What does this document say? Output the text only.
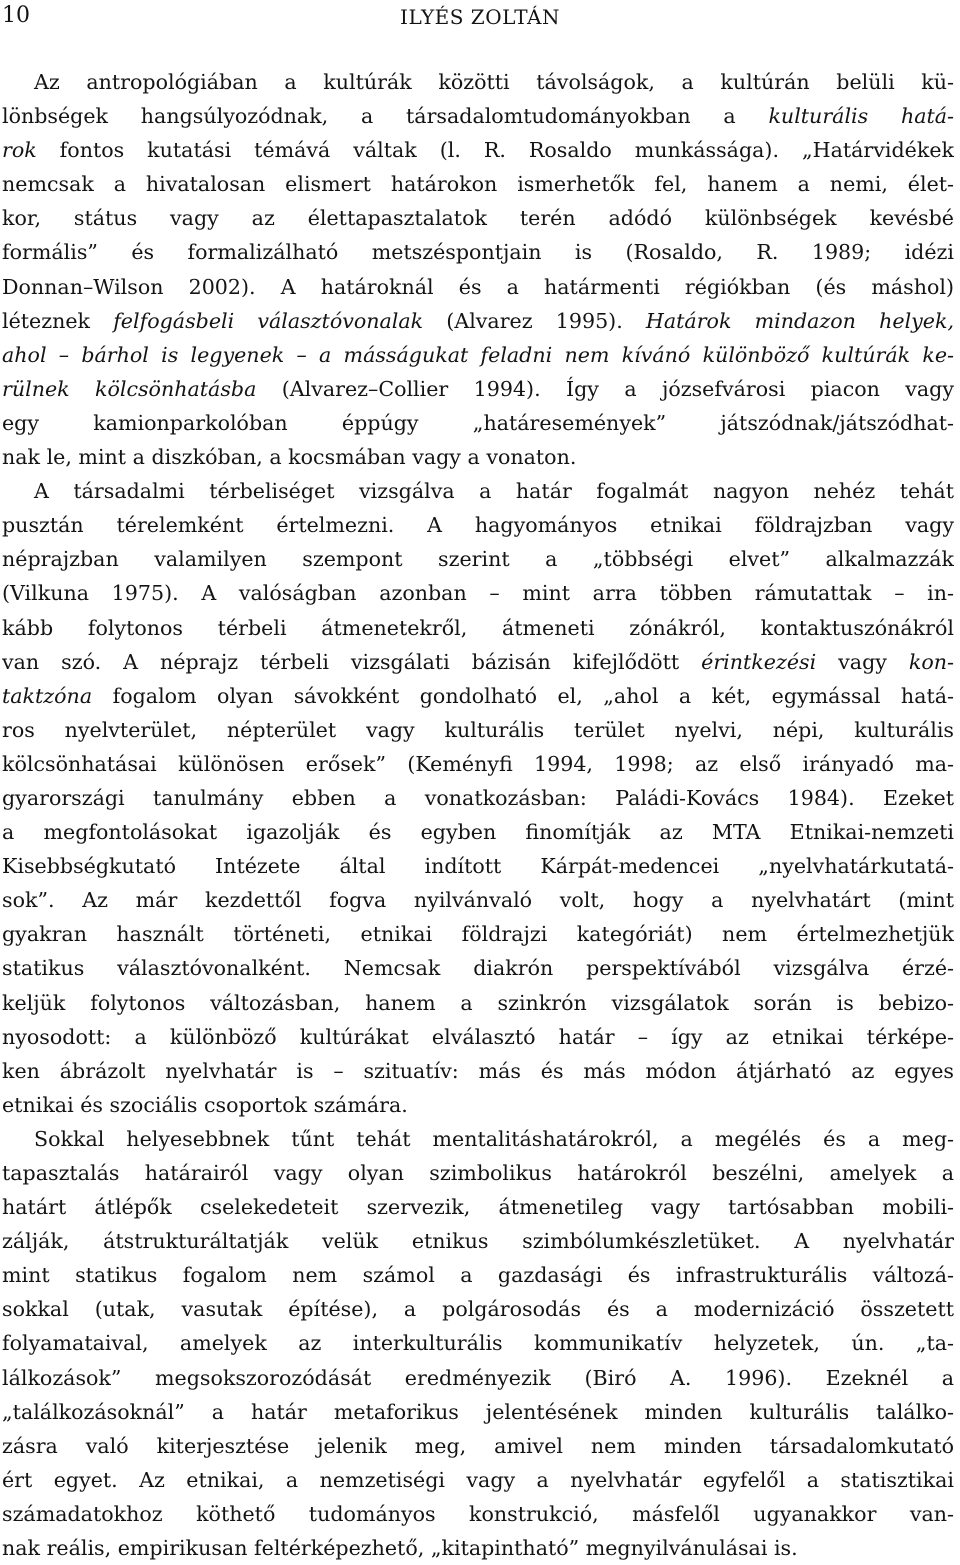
10	ILYÉS ZOLTÁN
Az antropológiában a kultúrák közötti távolságok, a kultúrán belüli kü-
lönbségek hangsúlyozódnak, a társadalomtudományokban a kulturális hatá-
rok fontos kutatási témává váltak (l. R. Rosaldo munkássága). „Határvidékek
nemcsak a hivatalosan elismert határokon ismerhetők fel, hanem a nemi, élet-
kor, státus vagy az élettapasztalatok terén adódó különbségek kevésbé
formális” és formalizálható metszéspontjain is (Rosaldo, R. 1989; idézi
Donnan–Wilson 2002). A határoknál és a határmenti régiókban (és máshol)
léteznek felfogásbeli választóvonalak (Alvarez 1995). Határok mindazon helyek,
ahol – bárhol is legyenek – a másságukat feladni nem kívánó különböző kultúrák ke-
rülnek kölcsönhatásba (Alvarez–Collier 1994). Így a józsefvárosi piacon vagy
egy kamionparkolóban éppúgy „határesemények” játszódnak/játszódhat-
nak le, mint a diszkóban, a kocsmában vagy a vonaton.
A társadalmi térbeliséget vizsgálva a határ fogalmát nagyon nehéz tehát
pusztán térelemként értelmezni. A hagyományos etnikai földrajzban vagy
néprajzban valamilyen szempont szerint a „többségi elvet” alkalmazzák
(Vilkuna 1975). A valóságban azonban – mint arra többen rámutattak – in-
kább folytonos térbeli átmenetekről, átmeneti zónákról, kontaktuszónákról
van szó. A néprajz térbeli vizsgálati bázisán kifejlődött érintkezési vagy kon-
taktzóna fogalom olyan sávokként gondolható el, „ahol a két, egymással hatá-
ros nyelvterület, népterület vagy kulturális terület nyelvi, népi, kulturális
kölcsönhatásai különösen erősek” (Keményfi 1994, 1998; az első irányadó ma-
gyarországi tanulmány ebben a vonatkozásban: Paládi-Kovács 1984). Ezeket
a megfontolásokat igazolják és egyben finomítják az MTA Etnikai-nemzeti
Kisebbségkutató Intézete által indított Kárpát-medencei „nyelvhatárkutatá-
sok”. Az már kezdettől fogva nyilvánvaló volt, hogy a nyelvhatárt (mint
gyakran használt történeti, etnikai földrajzi kategóriát) nem értelmezhetjük
statikus választóvonalként. Nemcsak diakrón perspektívából vizsgálva érzé-
keljük folytonos változásban, hanem a szinkrón vizsgálatok során is bebizo-
nyosodott: a különböző kultúrákat elválasztó határ – így az etnikai térképe-
ken ábrázolt nyelvhatár is – szituatív: más és más módon átjárható az egyes
etnikai és szociális csoportok számára.
Sokkal helyesebbnek tűnt tehát mentalitáshatárokról, a megélés és a meg-
tapasztalás határairól vagy olyan szimbolikus határokról beszélni, amelyek a
határt átlépők cselekedeteit szervezik, átmenetileg vagy tartósabban mobili-
zálják, átstrukturáltatják velük etnikus szimbólumkészletüket. A nyelvhatár
mint statikus fogalom nem számol a gazdasági és infrastrukturális változá-
sokkal (utak, vasutak építése), a polgárosodás és a modernizáció összetett
folyamataival, amelyek az interkulturális kommunikatív helyzetek, ún. „ta-
lálkozások” megsokszorozódását eredményezik (Biró A. 1996). Ezeknél a
„találkozásoknál” a határ metaforikus jelentésének minden kulturális találko-
zásra való kiterjesztése jelenik meg, amivel nem minden társadalomkutató
ért egyet. Az etnikai, a nemzetiségi vagy a nyelvhatár egyfelől a statisztikai
számadatokhoz köthető tudományos konstrukció, másfelől ugyanakkor van-
nak reális, empirikusan feltérképezhető, „kitapintható” megnyilvánulásai is.
